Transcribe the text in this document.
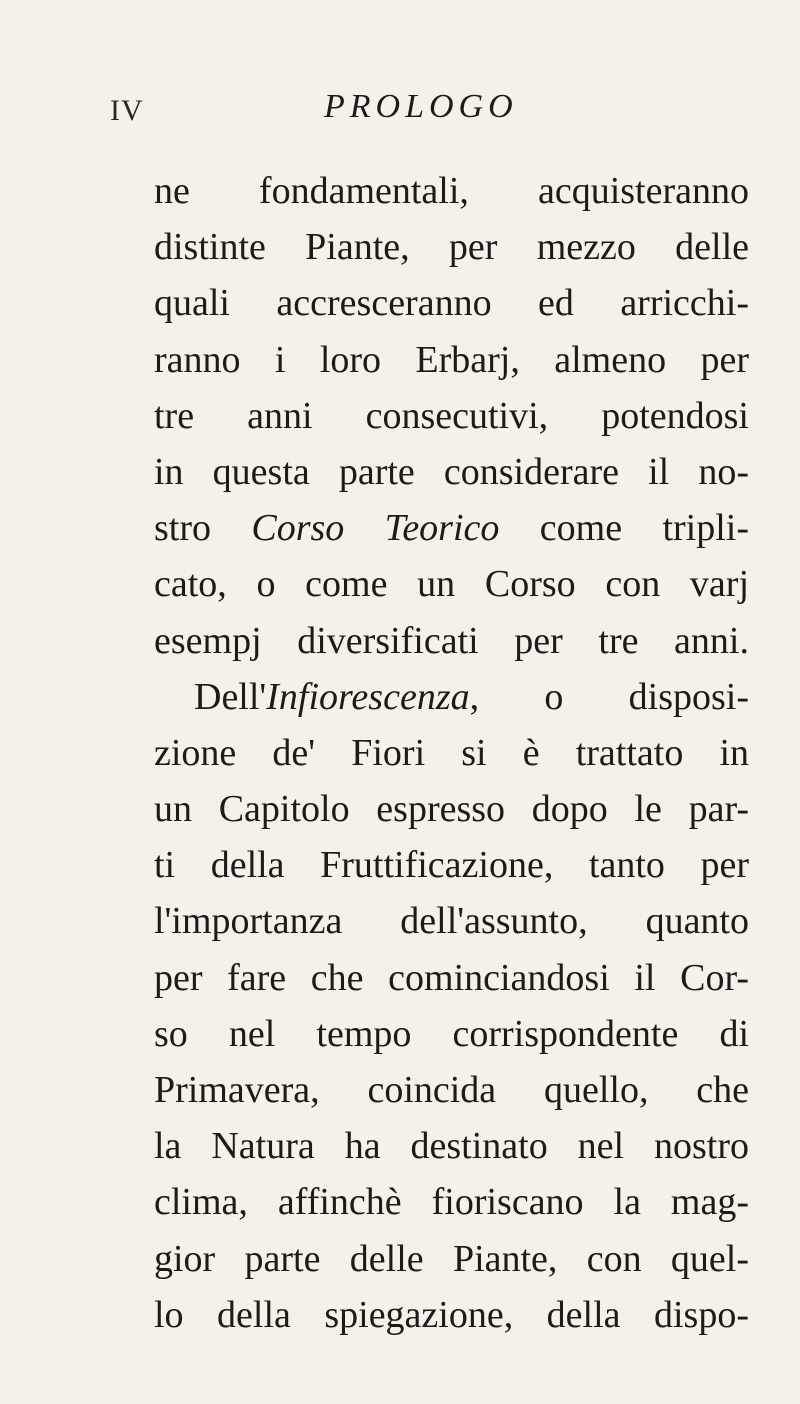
IV	PROLOGO
ne fondamentali, acquisteranno
distinte Piante, per mezzo delle
quali accresceranno ed arricchi-
ranno i loro Erbarj, almeno per
tre anni consecutivi, potendosi
in questa parte considerare il no-
stro Corso Teorico come tripli-
cato, o come un Corso con varj
esempj diversificati per tre anni.
Dell'Infiorescenza, o disposi-
zione de' Fiori si è trattato in
un Capitolo espresso dopo le par-
ti della Fruttificazione, tanto per
l'importanza dell'assunto, quanto
per fare che cominciandosi il Cor-
so nel tempo corrispondente di
Primavera, coincida quello, che
la Natura ha destinato nel nostro
clima, affinchè fioriscano la mag-
gior parte delle Piante, con quel-
lo della spiegazione, della dispo-
